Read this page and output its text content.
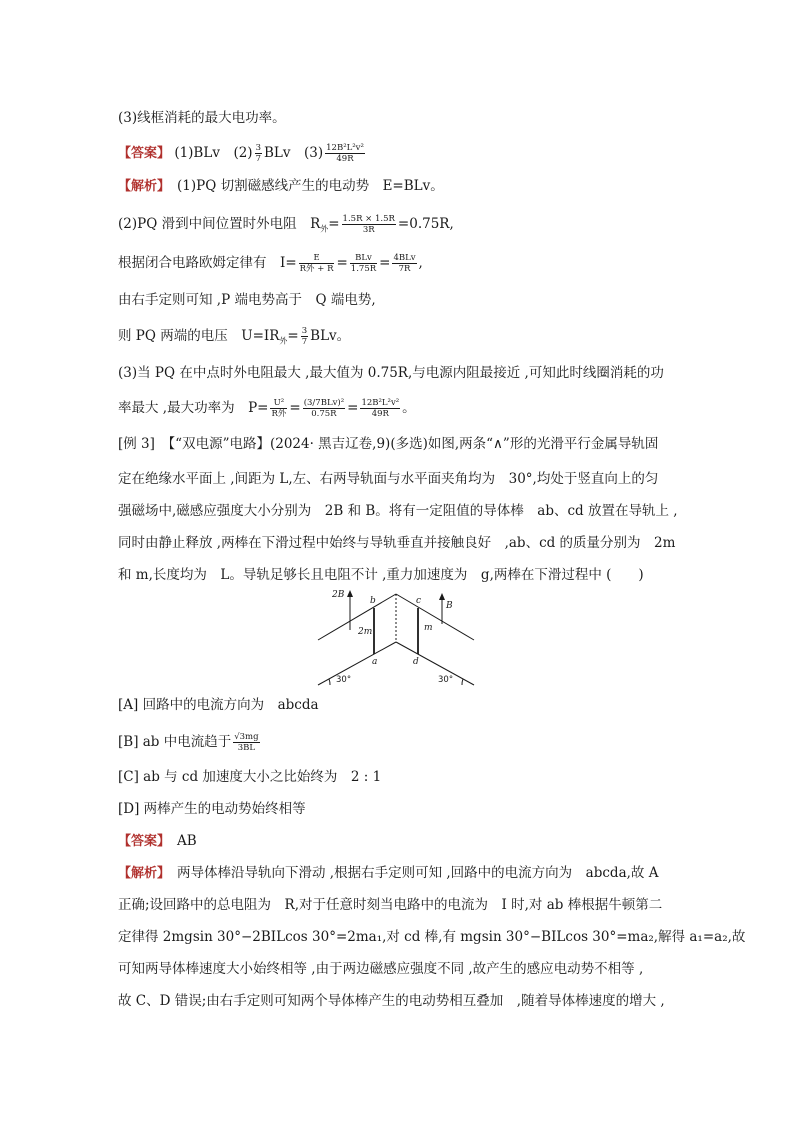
(3)线框消耗的最大电功率。
【答案】 (1)BLv　$(2) \frac{3}{7}$ BLv　$(3) \frac{\text{12B²L²v²}}{49R}$
【解析】　 (1)PQ 切割磁感线产生的电动势　E=BLv。
(2)PQ 滑到中间位置时外电阻　$R_外= \frac{1.5R \times 1.5R}{3R} =0.75R$,
根据闭合电路欧姆定律有　$I= \frac{E}{\text{R外 + R}} = \frac{\text{BLv}}{1.75R} = \frac{\text{4BLv}}{7R}$ ,
由右手定则可知 ,P 端电势高于　Q 端电势,
则 PQ 两端的电压　$U=IR_外= \frac{3}{7}$ BLv。
(3)当 PQ 在中点时外电阻最大 ,最大值为 0.75R,与电源内阻最接近 ,可知此时线圈消耗的功
率最大 ,最大功率为　$P= \frac{\text{U²}}{\text{R外}} = \frac{\text{(3/7BLv)²}}{0.75R} = \frac{\text{12B²L²v²}}{49R}$ 。
[例 3]　【“双电源”电路】(2024· 黑吉辽卷,9)(多选)如图,两条“∧”形的光滑平行金属导轨固
定在绝缘水平面上 ,间距为 L,左、右两导轨面与水平面夹角均为　30°,均处于竖直向上的匀
强磁场中,磁感应强度大小分别为　2B 和 B。将有一定阻值的导体棒　ab、cd 放置在导轨上 ,
同时由静止释放 ,两棒在下滑过程中始终与导轨垂直并接触良好　,ab、cd 的质量分别为　2m
和 m,长度均为　L。导轨足够长且电阻不计 ,重力加速度为　g,两棒在下滑过程中 (　　)
2B
b	c	B
2m	m
a	d
30°	30°
[A] 回路中的电流方向为　abcda
[B] ab 中电流趋于 $\frac{√3mg}{3BL}$
[C] ab 与 cd 加速度大小之比始终为　2 : 1
[D] 两棒产生的电动势始终相等
【答案】　 AB
【解析】　 两导体棒沿导轨向下滑动 ,根据右手定则可知 ,回路中的电流方向为　abcda,故 A
正确;设回路中的总电阻为　R,对于任意时刻当电路中的电流为　I 时,对 ab 棒根据牛顿第二
定律得 2mgsin 30°−2BILcos 30°=2ma₁,对 cd 棒,有 mgsin 30°−BILcos 30°=ma₂,解得 a₁=a₂,故
可知两导体棒速度大小始终相等 ,由于两边磁感应强度不同 ,故产生的感应电动势不相等 ,
故 C、D 错误;由右手定则可知两个导体棒产生的电动势相互叠加　,随着导体棒速度的增大 ,
